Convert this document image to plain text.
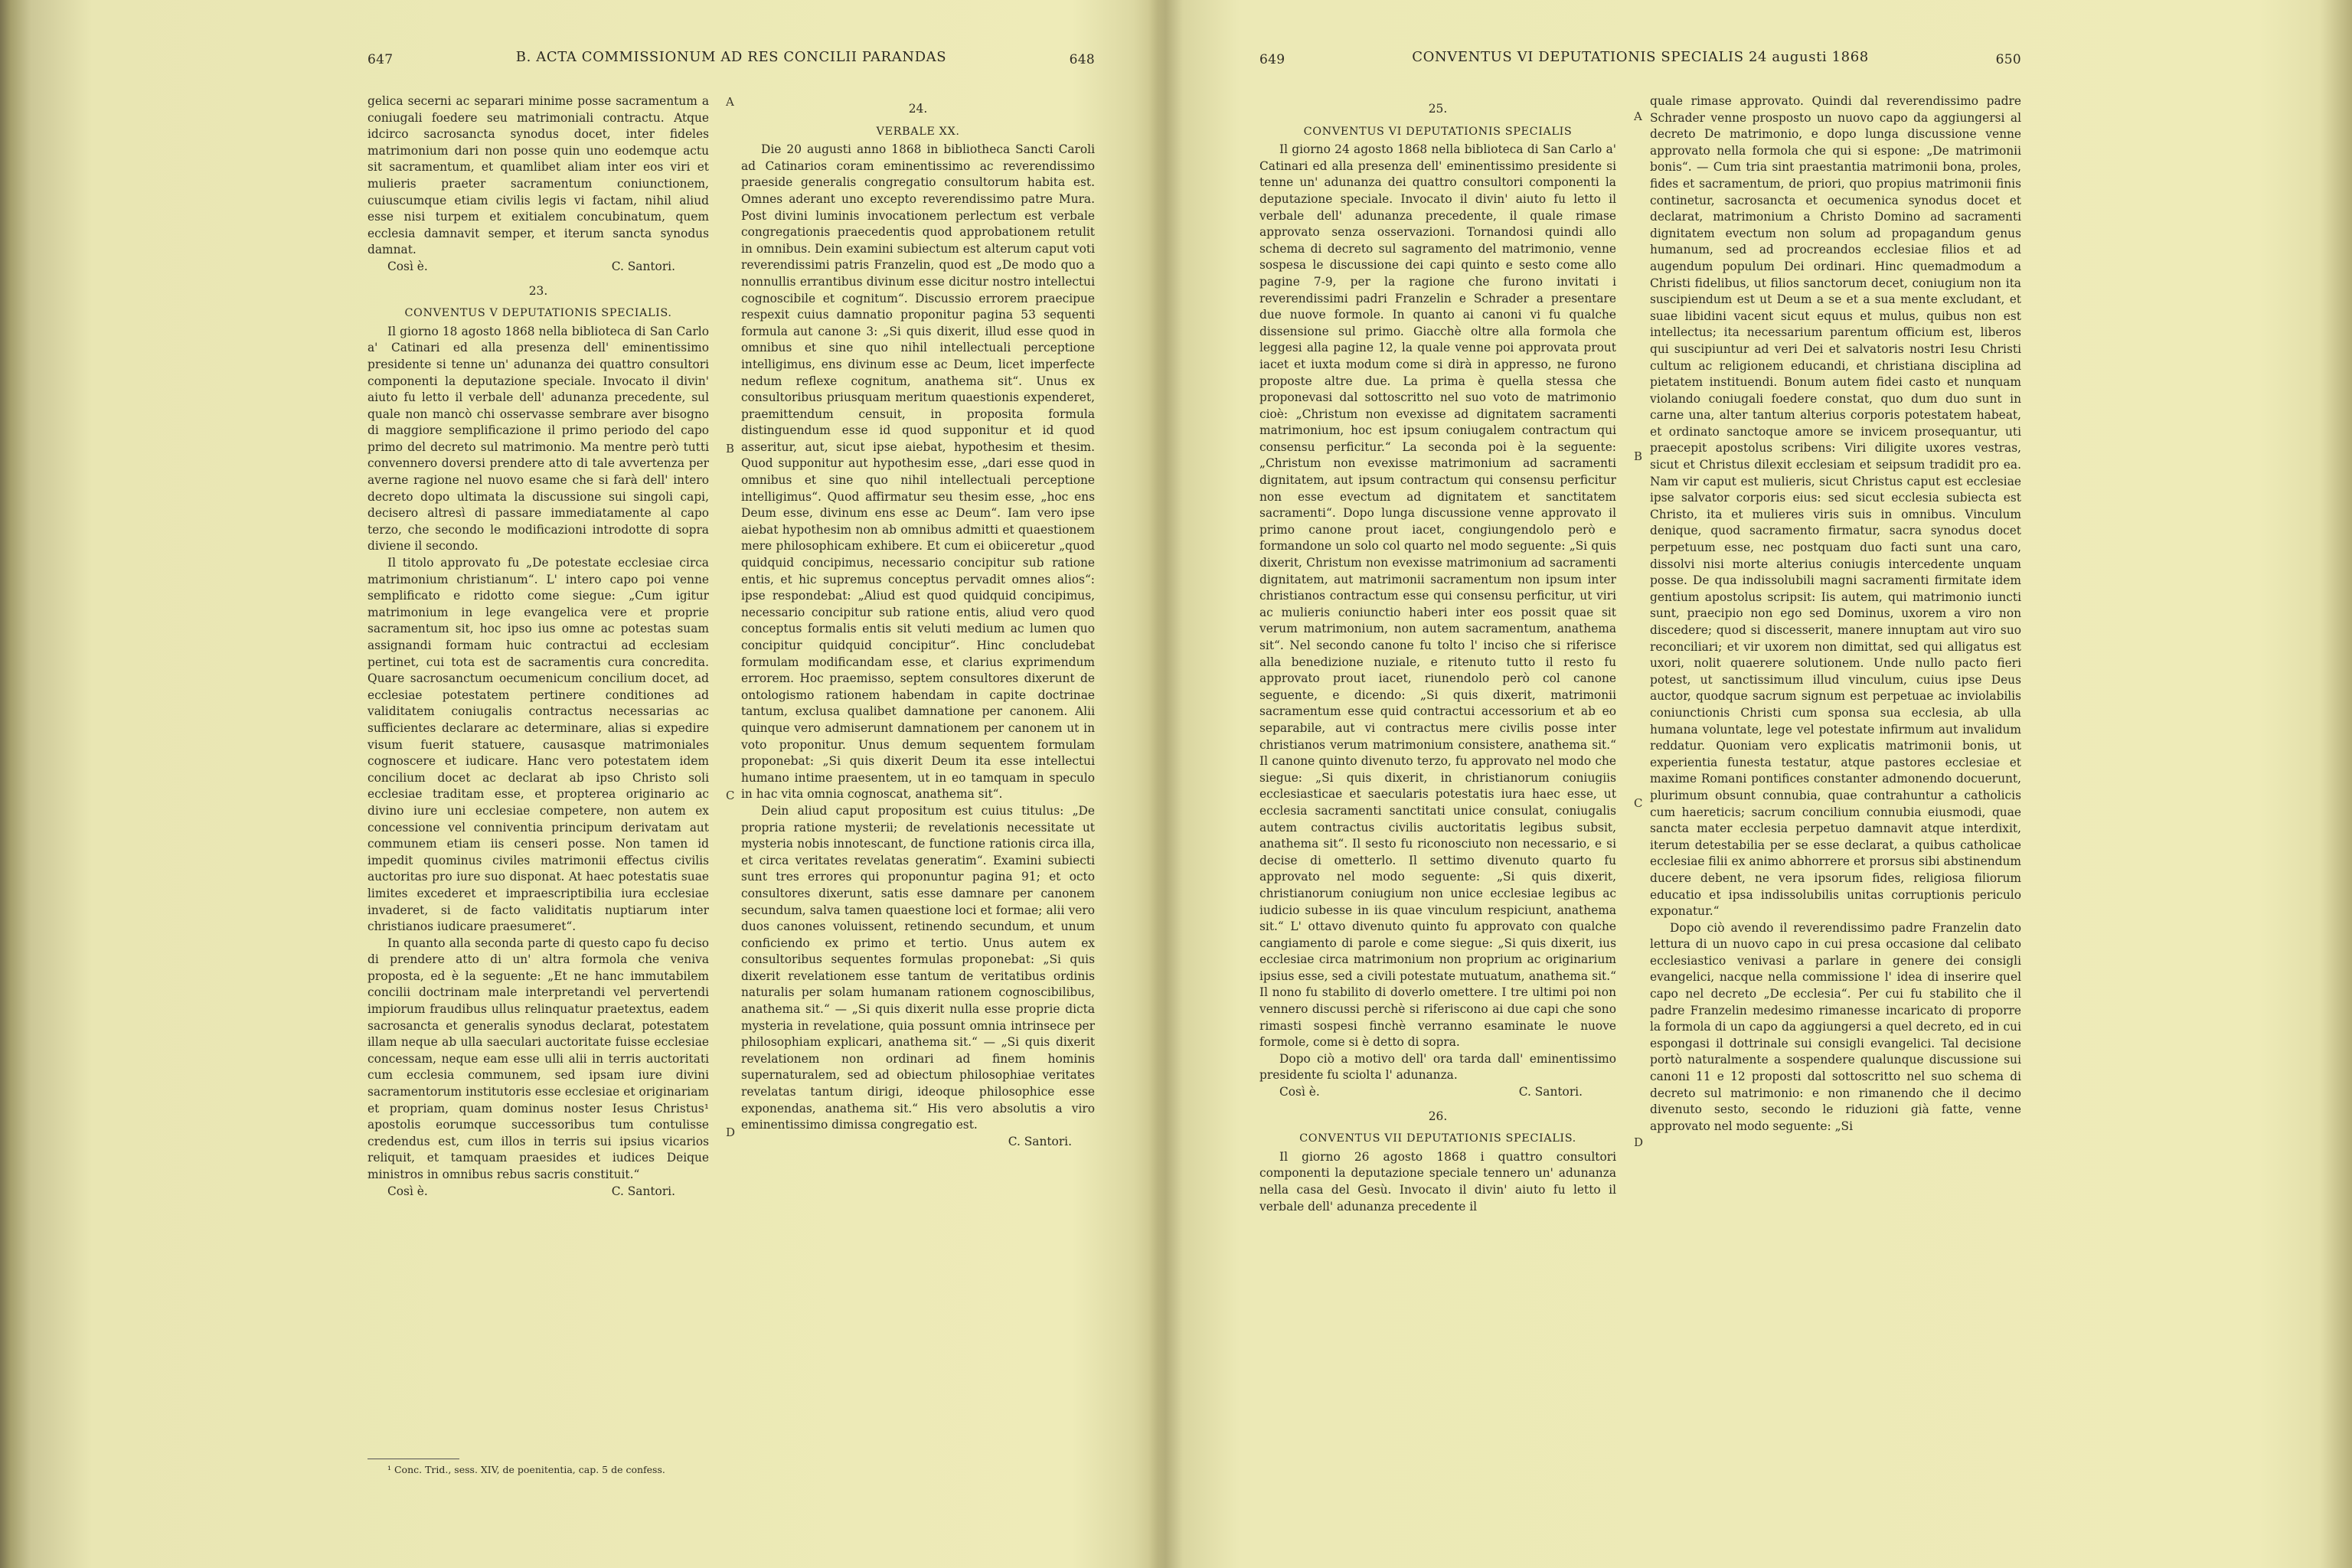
647	B. ACTA COMMISSIONUM AD RES CONCILII PARANDAS	648

gelica secerni ac separari minime posse sacramentum a coniugali foedere seu matrimoniali contractu. Atque idcirco sacrosancta synodus docet, inter fideles matrimonium dari non posse quin uno eodemque actu sit sacramentum, et quamlibet aliam inter eos viri et mulieris praeter sacramentum coniunctionem, cuiuscumque etiam civilis legis vi factam, nihil aliud esse nisi turpem et exitialem concubinatum, quem ecclesia damnavit semper, et iterum sancta synodus damnat.

Così è.	C. Santori.

23.

CONVENTUS V DEPUTATIONIS SPECIALIS.

Il giorno 18 agosto 1868 nella biblioteca di San Carlo a' Catinari ed alla presenza dell' eminentissimo presidente si tenne un' adunanza dei quattro consultori componenti la deputazione speciale. Invocato il divin' aiuto fu letto il verbale dell' adunanza precedente, sul quale non mancò chi osservasse sembrare aver bisogno di maggiore semplificazione il primo periodo del capo primo del decreto sul matrimonio. Ma mentre però tutti convennero doversi prendere atto di tale avvertenza per averne ragione nel nuovo esame che si farà dell' intero decreto dopo ultimata la discussione sui singoli capi, decisero altresì di passare immediatamente al capo terzo, che secondo le modificazioni introdotte di sopra diviene il secondo.

Il titolo approvato fu „De potestate ecclesiae circa matrimonium christianum“. L' intero capo poi venne semplificato e ridotto come siegue: „Cum igitur matrimonium in lege evangelica vere et proprie sacramentum sit, hoc ipso ius omne ac potestas suam assignandi formam huic contractui ad ecclesiam pertinet, cui tota est de sacramentis cura concredita. Quare sacrosanctum oecumenicum concilium docet, ad ecclesiae potestatem pertinere conditiones ad validitatem coniugalis contractus necessarias ac sufficientes declarare ac determinare, alias si expedire visum fuerit statuere, causasque matrimoniales cognoscere et iudicare. Hanc vero potestatem idem concilium docet ac declarat ab ipso Christo soli ecclesiae traditam esse, et propterea originario ac divino iure uni ecclesiae competere, non autem ex concessione vel conniventia principum derivatam aut communem etiam iis censeri posse. Non tamen id impedit quominus civiles matrimonii effectus civilis auctoritas pro iure suo disponat. At haec potestatis suae limites excederet et impraescriptibilia iura ecclesiae invaderet, si de facto validitatis nuptiarum inter christianos iudicare praesumeret“.

In quanto alla seconda parte di questo capo fu deciso di prendere atto di un' altra formola che veniva proposta, ed è la seguente: „Et ne hanc immutabilem concilii doctrinam male interpretandi vel pervertendi impiorum fraudibus ullus relinquatur praetextus, eadem sacrosancta et generalis synodus declarat, potestatem illam neque ab ulla saeculari auctoritate fuisse ecclesiae concessam, neque eam esse ulli alii in terris auctoritati cum ecclesia communem, sed ipsam iure divini sacramentorum institutoris esse ecclesiae et originariam et propriam, quam dominus noster Iesus Christus¹ apostolis eorumque successoribus tum contulisse credendus est, cum illos in terris sui ipsius vicarios reliquit, et tamquam praesides et iudices Deique ministros in omnibus rebus sacris constituit.“

Così è.	C. Santori.

24.

VERBALE XX.

Die 20 augusti anno 1868 in bibliotheca Sancti Caroli ad Catinarios coram eminentissimo ac reverendissimo praeside generalis congregatio consultorum habita est. Omnes aderant uno excepto reverendissimo patre Mura. Post divini luminis invocationem perlectum est verbale congregationis praecedentis quod approbationem retulit in omnibus. Dein examini subiectum est alterum caput voti reverendissimi patris Franzelin, quod est „De modo quo a nonnullis errantibus divinum esse dicitur nostro intellectui cognoscibile et cognitum“. Discussio errorem praecipue respexit cuius damnatio proponitur pagina 53 sequenti formula aut canone 3: „Si quis dixerit, illud esse quod in omnibus et sine quo nihil intellectuali perceptione intelligimus, ens divinum esse ac Deum, licet imperfecte nedum reflexe cognitum, anathema sit“. Unus ex consultoribus priusquam meritum quaestionis expenderet, praemittendum censuit, in proposita formula distinguendum esse id quod supponitur et id quod asseritur, aut, sicut ipse aiebat, hypothesim et thesim. Quod supponitur aut hypothesim esse, „dari esse quod in omnibus et sine quo nihil intellectuali perceptione intelligimus“. Quod affirmatur seu thesim esse, „hoc ens Deum esse, divinum ens esse ac Deum“. Iam vero ipse aiebat hypothesim non ab omnibus admitti et quaestionem mere philosophicam exhibere. Et cum ei obiiceretur „quod quidquid concipimus, necessario concipitur sub ratione entis, et hic supremus conceptus pervadit omnes alios“: ipse respondebat: „Aliud est quod quidquid concipimus, necessario concipitur sub ratione entis, aliud vero quod conceptus formalis entis sit veluti medium ac lumen quo concipitur quidquid concipitur“. Hinc concludebat formulam modificandam esse, et clarius exprimendum errorem. Hoc praemisso, septem consultores dixerunt de ontologismo rationem habendam in capite doctrinae tantum, exclusa qualibet damnatione per canonem. Alii quinque vero admiserunt damnationem per canonem ut in voto proponitur. Unus demum sequentem formulam proponebat: „Si quis dixerit Deum ita esse intellectui humano intime praesentem, ut in eo tamquam in speculo in hac vita omnia cognoscat, anathema sit“.

Dein aliud caput propositum est cuius titulus: „De propria ratione mysterii; de revelationis necessitate ut mysteria nobis innotescant, de functione rationis circa illa, et circa veritates revelatas generatim“. Examini subiecti sunt tres errores qui proponuntur pagina 91; et octo consultores dixerunt, satis esse damnare per canonem secundum, salva tamen quaestione loci et formae; alii vero duos canones voluissent, retinendo secundum, et unum conficiendo ex primo et tertio. Unus autem ex consultoribus sequentes formulas proponebat: „Si quis dixerit revelationem esse tantum de veritatibus ordinis naturalis per solam humanam rationem cognoscibilibus, anathema sit.“ — „Si quis dixerit nulla esse proprie dicta mysteria in revelatione, quia possunt omnia intrinsece per philosophiam explicari, anathema sit.“ — „Si quis dixerit revelationem non ordinari ad finem hominis supernaturalem, sed ad obiectum philosophiae veritates revelatas tantum dirigi, ideoque philosophice esse exponendas, anathema sit.“ His vero absolutis a viro eminentissimo dimissa congregatio est.

C. Santori.

A
B
C
D
¹ Conc. Trid., sess. XIV, de poenitentia, cap. 5 de confess.
649	CONVENTUS VI DEPUTATIONIS SPECIALIS 24 augusti 1868	650

25.

CONVENTUS VI DEPUTATIONIS SPECIALIS

Il giorno 24 agosto 1868 nella biblioteca di San Carlo a' Catinari ed alla presenza dell' eminentissimo presidente si tenne un' adunanza dei quattro consultori componenti la deputazione speciale. Invocato il divin' aiuto fu letto il verbale dell' adunanza precedente, il quale rimase approvato senza osservazioni. Tornandosi quindi allo schema di decreto sul sagramento del matrimonio, venne sospesa le discussione dei capi quinto e sesto come allo pagine 7-9, per la ragione che furono invitati i reverendissimi padri Franzelin e Schrader a presentare due nuove formole. In quanto ai canoni vi fu qualche dissensione sul primo. Giacchè oltre alla formola che leggesi alla pagine 12, la quale venne poi approvata prout iacet et iuxta modum come si dirà in appresso, ne furono proposte altre due. La prima è quella stessa che proponevasi dal sottoscritto nel suo voto de matrimonio cioè: „Christum non evexisse ad dignitatem sacramenti matrimonium, hoc est ipsum coniugalem contractum qui consensu perficitur.“ La seconda poi è la seguente: „Christum non evexisse matrimonium ad sacramenti dignitatem, aut ipsum contractum qui consensu perficitur non esse evectum ad dignitatem et sanctitatem sacramenti“. Dopo lunga discussione venne approvato il primo canone prout iacet, congiungendolo però e formandone un solo col quarto nel modo seguente: „Si quis dixerit, Christum non evexisse matrimonium ad sacramenti dignitatem, aut matrimonii sacramentum non ipsum inter christianos contractum esse qui consensu perficitur, ut viri ac mulieris coniunctio haberi inter eos possit quae sit verum matrimonium, non autem sacramentum, anathema sit“. Nel secondo canone fu tolto l' inciso che si riferisce alla benedizione nuziale, e ritenuto tutto il resto fu approvato prout iacet, riunendolo però col canone seguente, e dicendo: „Si quis dixerit, matrimonii sacramentum esse quid contractui accessorium et ab eo separabile, aut vi contractus mere civilis posse inter christianos verum matrimonium consistere, anathema sit.“ Il canone quinto divenuto terzo, fu approvato nel modo che siegue: „Si quis dixerit, in christianorum coniugiis ecclesiasticae et saecularis potestatis iura haec esse, ut ecclesia sacramenti sanctitati unice consulat, coniugalis autem contractus civilis auctoritatis legibus subsit, anathema sit“. Il sesto fu riconosciuto non necessario, e si decise di ometterlo. Il settimo divenuto quarto fu approvato nel modo seguente: „Si quis dixerit, christianorum coniugium non unice ecclesiae legibus ac iudicio subesse in iis quae vinculum respiciunt, anathema sit.“ L' ottavo divenuto quinto fu approvato con qualche cangiamento di parole e come siegue: „Si quis dixerit, ius ecclesiae circa matrimonium non proprium ac originarium ipsius esse, sed a civili potestate mutuatum, anathema sit.“ Il nono fu stabilito di doverlo omettere. I tre ultimi poi non vennero discussi perchè si riferiscono ai due capi che sono rimasti sospesi finchè verranno esaminate le nuove formole, come si è detto di sopra.

Dopo ciò a motivo dell' ora tarda dall' eminentissimo presidente fu sciolta l' adunanza.

Così è.	C. Santori.

26.

CONVENTUS VII DEPUTATIONIS SPECIALIS.

Il giorno 26 agosto 1868 i quattro consultori componenti la deputazione speciale tennero un' adunanza nella casa del Gesù. Invocato il divin' aiuto fu letto il verbale dell' adunanza precedente il

quale rimase approvato. Quindi dal reverendissimo padre Schrader venne prosposto un nuovo capo da aggiungersi al decreto De matrimonio, e dopo lunga discussione venne approvato nella formola che qui si espone: „De matrimonii bonis“. — Cum tria sint praestantia matrimonii bona, proles, fides et sacramentum, de priori, quo propius matrimonii finis continetur, sacrosancta et oecumenica synodus docet et declarat, matrimonium a Christo Domino ad sacramenti dignitatem evectum non solum ad propagandum genus humanum, sed ad procreandos ecclesiae filios et ad augendum populum Dei ordinari. Hinc quemadmodum a Christi fidelibus, ut filios sanctorum decet, coniugium non ita suscipiendum est ut Deum a se et a sua mente excludant, et suae libidini vacent sicut equus et mulus, quibus non est intellectus; ita necessarium parentum officium est, liberos qui suscipiuntur ad veri Dei et salvatoris nostri Iesu Christi cultum ac religionem educandi, et christiana disciplina ad pietatem instituendi. Bonum autem fidei casto et nunquam violando coniugali foedere constat, quo dum duo sunt in carne una, alter tantum alterius corporis potestatem habeat, et ordinato sanctoque amore se invicem prosequantur, uti praecepit apostolus scribens: Viri diligite uxores vestras, sicut et Christus dilexit ecclesiam et seipsum tradidit pro ea. Nam vir caput est mulieris, sicut Christus caput est ecclesiae ipse salvator corporis eius: sed sicut ecclesia subiecta est Christo, ita et mulieres viris suis in omnibus. Vinculum denique, quod sacramento firmatur, sacra synodus docet perpetuum esse, nec postquam duo facti sunt una caro, dissolvi nisi morte alterius coniugis intercedente unquam posse. De qua indissolubili magni sacramenti firmitate idem gentium apostolus scripsit: Iis autem, qui matrimonio iuncti sunt, praecipio non ego sed Dominus, uxorem a viro non discedere; quod si discesserit, manere innuptam aut viro suo reconciliari; et vir uxorem non dimittat, sed qui alligatus est uxori, nolit quaerere solutionem. Unde nullo pacto fieri potest, ut sanctissimum illud vinculum, cuius ipse Deus auctor, quodque sacrum signum est perpetuae ac inviolabilis coniunctionis Christi cum sponsa sua ecclesia, ab ulla humana voluntate, lege vel potestate infirmum aut invalidum reddatur. Quoniam vero explicatis matrimonii bonis, ut experientia funesta testatur, atque pastores ecclesiae et maxime Romani pontifices constanter admonendo docuerunt, plurimum obsunt connubia, quae contrahuntur a catholicis cum haereticis; sacrum concilium connubia eiusmodi, quae sancta mater ecclesia perpetuo damnavit atque interdixit, iterum detestabilia per se esse declarat, a quibus catholicae ecclesiae filii ex animo abhorrere et prorsus sibi abstinendum ducere debent, ne vera ipsorum fides, religiosa filiorum educatio et ipsa indissolubilis unitas corruptionis periculo exponatur.“

Dopo ciò avendo il reverendissimo padre Franzelin dato lettura di un nuovo capo in cui presa occasione dal celibato ecclesiastico venivasi a parlare in genere dei consigli evangelici, nacque nella commissione l' idea di inserire quel capo nel decreto „De ecclesia“. Per cui fu stabilito che il padre Franzelin medesimo rimanesse incaricato di proporre la formola di un capo da aggiungersi a quel decreto, ed in cui espongasi il dottrinale sui consigli evangelici. Tal decisione portò naturalmente a sospendere qualunque discussione sui canoni 11 e 12 proposti dal sottoscritto nel suo schema di decreto sul matrimonio: e non rimanendo che il decimo divenuto sesto, secondo le riduzioni già fatte, venne approvato nel modo seguente: „Si

A
B
C
D
